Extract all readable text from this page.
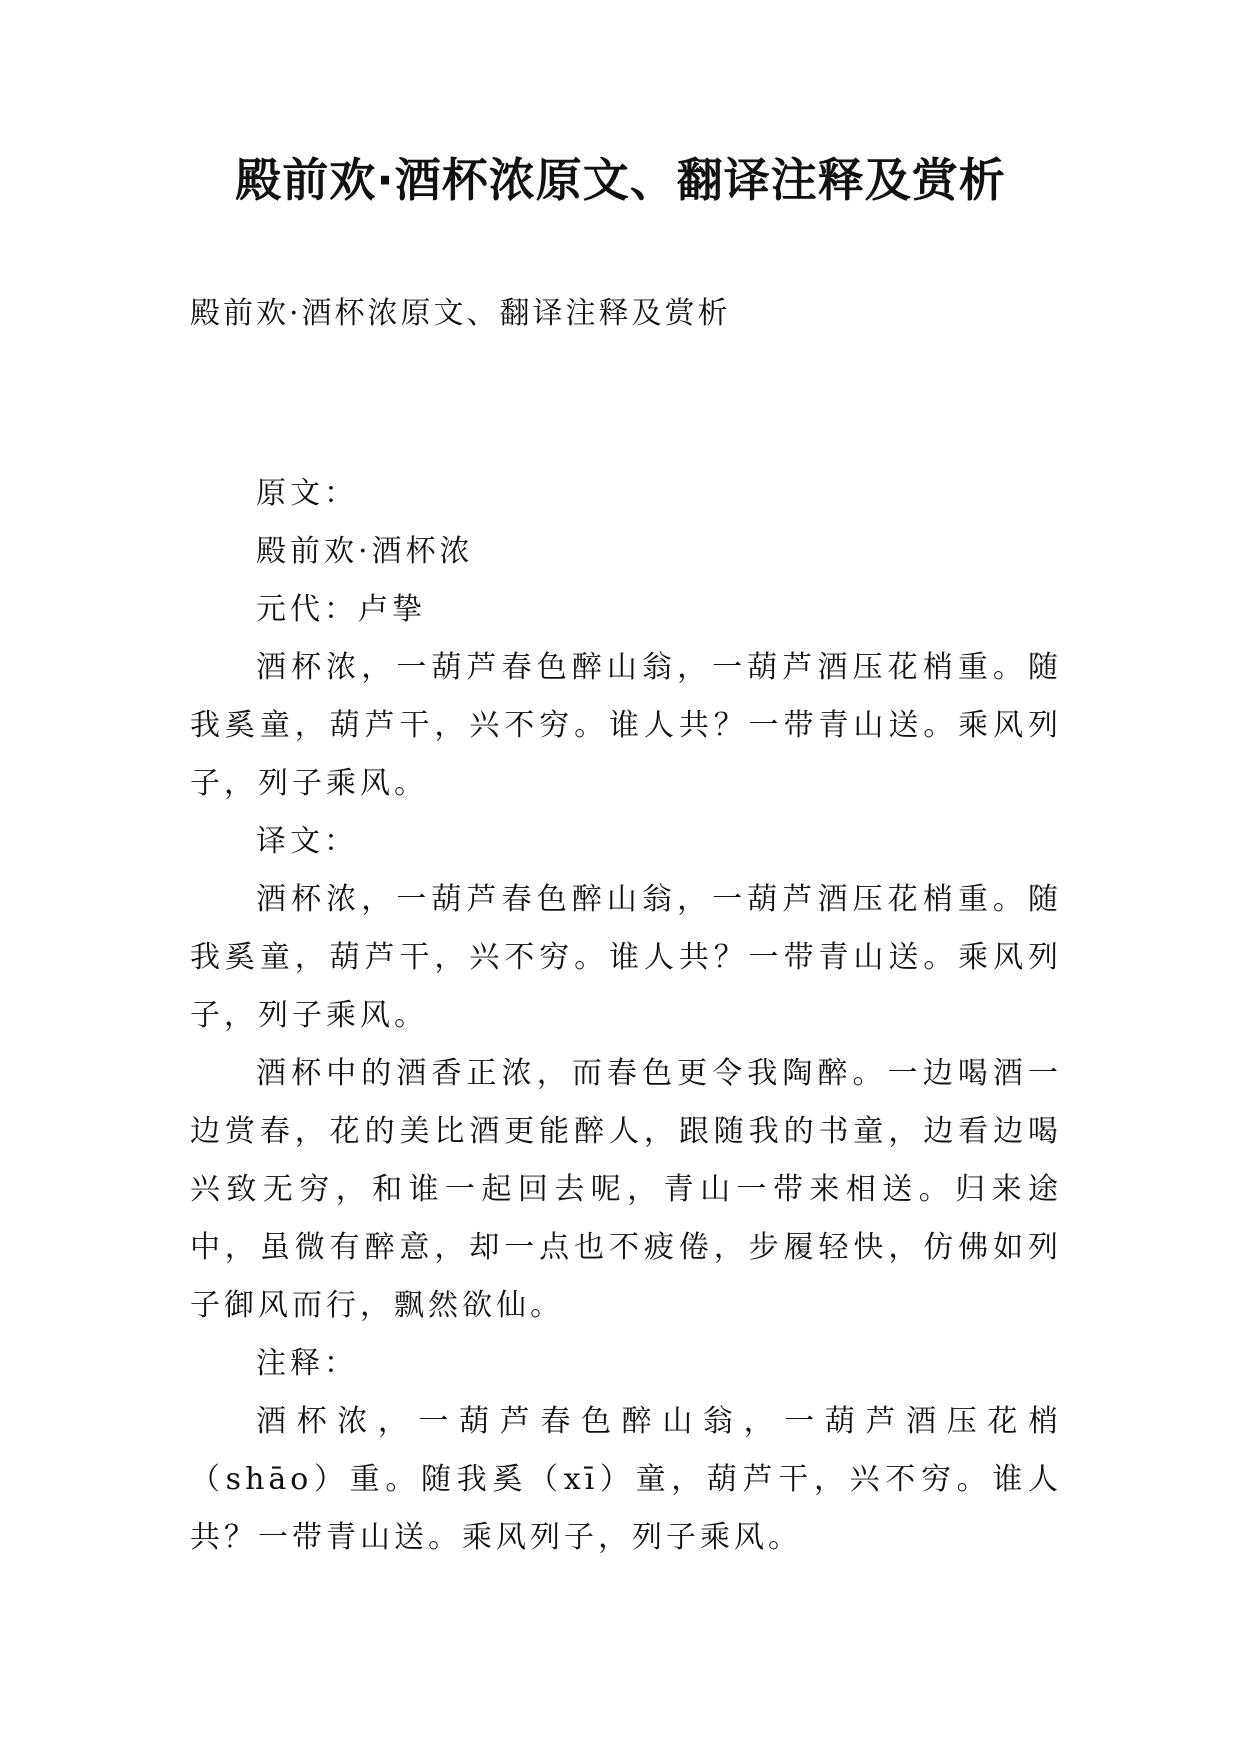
殿前欢·酒杯浓原文、翻译注释及赏析

殿前欢·酒杯浓原文、翻译注释及赏析

原文：

殿前欢·酒杯浓

元代：卢挚

酒杯浓，一葫芦春色醉山翁，一葫芦酒压花梢重。随我奚童，葫芦干，兴不穷。谁人共？一带青山送。乘风列子，列子乘风。

译文：

酒杯浓，一葫芦春色醉山翁，一葫芦酒压花梢重。随我奚童，葫芦干，兴不穷。谁人共？一带青山送。乘风列子，列子乘风。

酒杯中的酒香正浓，而春色更令我陶醉。一边喝酒一边赏春，花的美比酒更能醉人，跟随我的书童，边看边喝兴致无穷，和谁一起回去呢，青山一带来相送。归来途中，虽微有醉意，却一点也不疲倦，步履轻快，仿佛如列子御风而行，飘然欲仙。

注释：

酒杯浓，一葫芦春色醉山翁，一葫芦酒压花梢（shāo）重。随我奚（xī）童，葫芦干，兴不穷。谁人共？一带青山送。乘风列子，列子乘风。
